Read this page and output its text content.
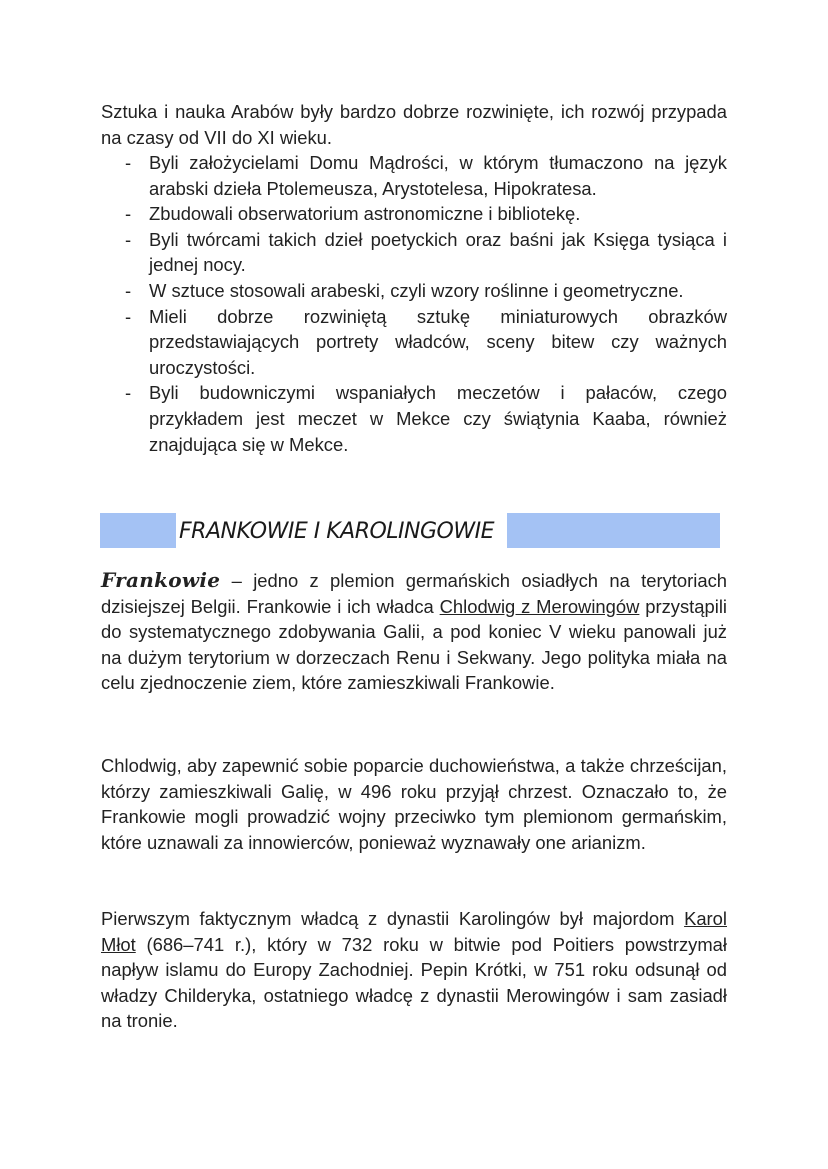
Sztuka i nauka Arabów były bardzo dobrze rozwinięte, ich rozwój przypada na czasy od VII do XI wieku.

- Byli założycielami Domu Mądrości, w którym tłumaczono na język arabski dzieła Ptolemeusza, Arystotelesa, Hipokratesa.
- Zbudowali obserwatorium astronomiczne i bibliotekę.
- Byli twórcami takich dzieł poetyckich oraz baśni jak Księga tysiąca i jednej nocy.
- W sztuce stosowali arabeski, czyli wzory roślinne i geometryczne.
- Mieli dobrze rozwiniętą sztukę miniaturowych obrazków przedstawiających portrety władców, sceny bitew czy ważnych uroczystości.
- Byli budowniczymi wspaniałych meczetów i pałaców, czego przykładem jest meczet w Mekce czy świątynia Kaaba, również znajdująca się w Mekce.
FRANKOWIE I KAROLINGOWIE

Frankowie – jedno z plemion germańskich osiadłych na terytoriach dzisiejszej Belgii. Frankowie i ich władca Chlodwig z Merowingów przystąpili do systematycznego zdobywania Galii, a pod koniec V wieku panowali już na dużym terytorium w dorzeczach Renu i Sekwany. Jego polityka miała na celu zjednoczenie ziem, które zamieszkiwali Frankowie.

Chlodwig, aby zapewnić sobie poparcie duchowieństwa, a także chrześcijan, którzy zamieszkiwali Galię, w 496 roku przyjął chrzest. Oznaczało to, że Frankowie mogli prowadzić wojny przeciwko tym plemionom germańskim, które uznawali za innowierców, ponieważ wyznawały one arianizm.

Pierwszym faktycznym władcą z dynastii Karolingów był majordom Karol Młot (686–741 r.), który w 732 roku w bitwie pod Poitiers powstrzymał napływ islamu do Europy Zachodniej. Pepin Krótki, w 751 roku odsunął od władzy Childeryka, ostatniego władcę z dynastii Merowingów i sam zasiadł na tronie.
